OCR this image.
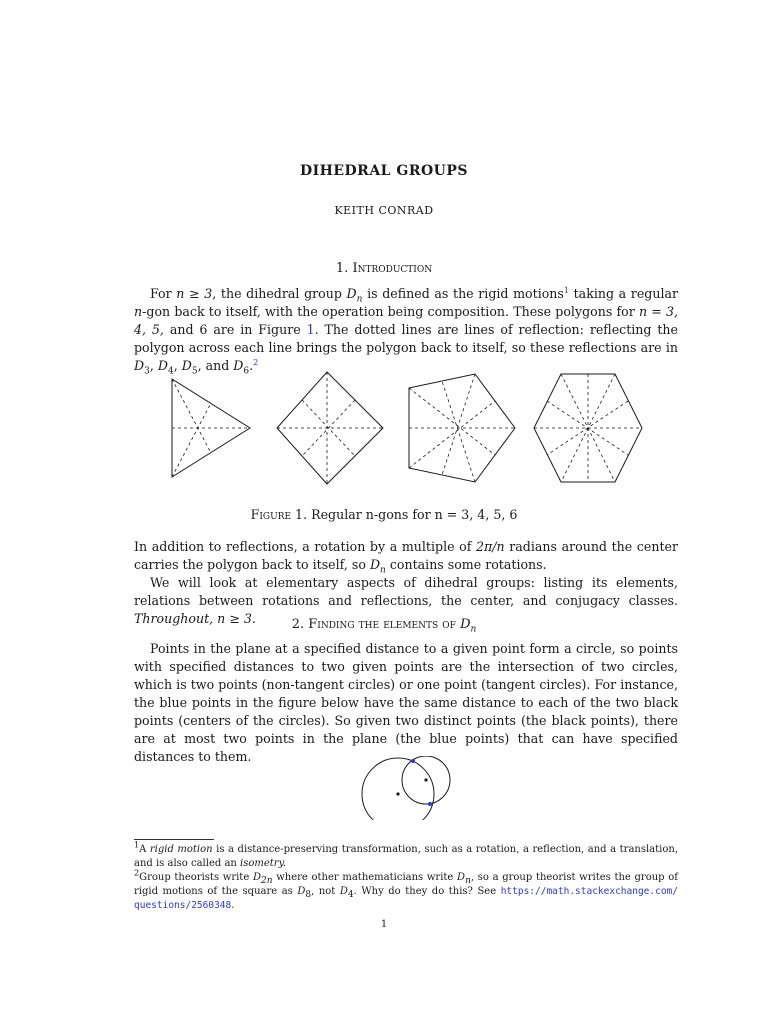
DIHEDRAL GROUPS
KEITH CONRAD
1. Introduction

For n ≥ 3, the dihedral group $D_n$ is defined as the rigid motions$^1$ taking a regular n-gon back to itself, with the operation being composition. These polygons for n = 3, 4, 5, and 6 are in Figure 1. The dotted lines are lines of reflection: reflecting the polygon across each line brings the polygon back to itself, so these reflections are in $D_3$, $D_4$, $D_5$, and $D_6.^2$

Figure 1. Regular n-gons for n = 3, 4, 5, 6

In addition to reflections, a rotation by a multiple of 2π/n radians around the center carries the polygon back to itself, so $D_n$ contains some rotations.

We will look at elementary aspects of dihedral groups: listing its elements, relations between rotations and reflections, the center, and conjugacy classes. Throughout, n ≥ 3.	2. Finding the elements of $D_n$

Points in the plane at a specified distance to a given point form a circle, so points with specified distances to two given points are the intersection of two circles, which is two points (non-tangent circles) or one point (tangent circles). For instance, the blue points in the figure below have the same distance to each of the two black points (centers of the circles). So given two distinct points (the black points), there are at most two points in the plane (the blue points) that can have specified distances to them.

$^1$A rigid motion is a distance-preserving transformation, such as a rotation, a reflection, and a translation, and is also called an isometry.

$^2$Group theorists write $D_{2n}$ where other mathematicians write $D_n$, so a group theorist writes the group of rigid motions of the square as $D_8$, not $D_4$. Why do they do this? See https://math.stackexchange.com/ questions/2560348.

1
